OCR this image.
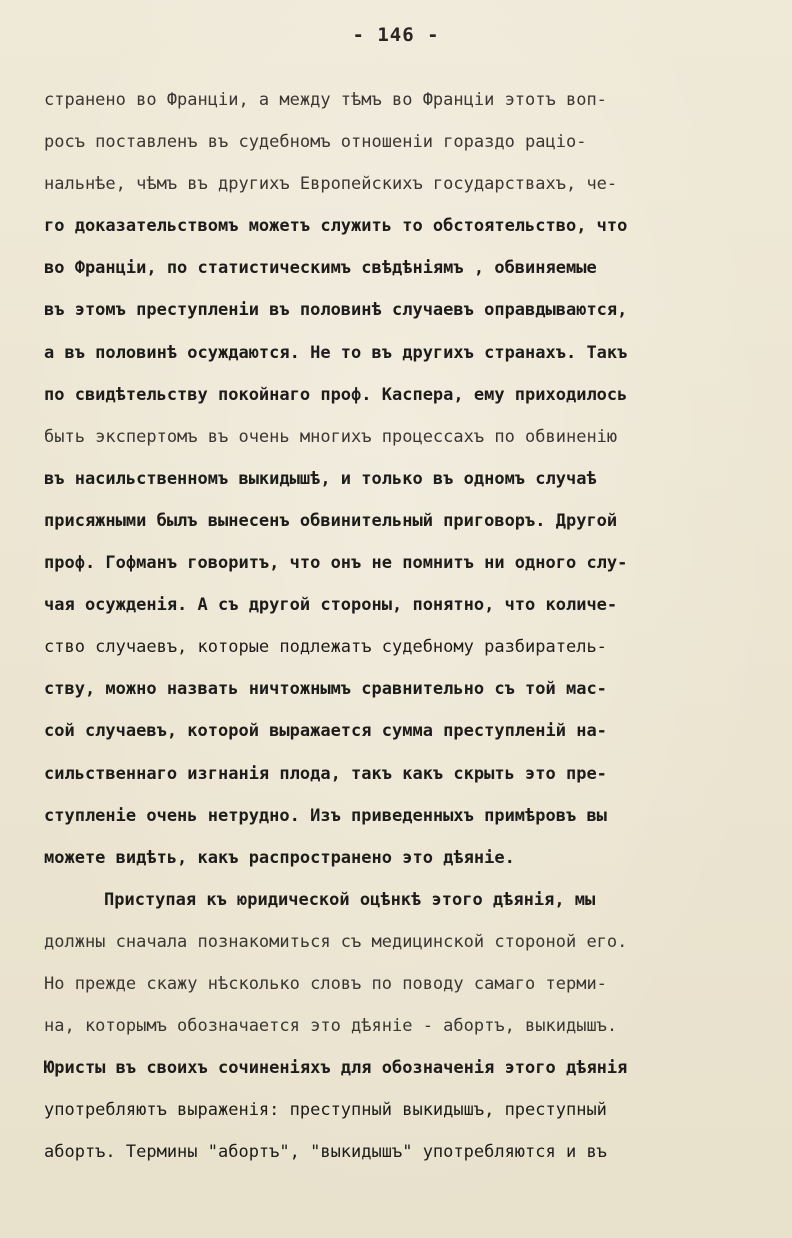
- 146 -
странено во Франціи, а между тѣмъ во Франціи этотъ воп-
росъ поставленъ въ судебномъ отношеніи гораздо раціо-
нальнѣе, чѣмъ въ другихъ Европейскихъ государствахъ, че-
го доказательствомъ можетъ служить то обстоятельство, что
во Франціи, по статистическимъ свѣдѣніямъ , обвиняемые
въ этомъ преступленіи въ половинѣ случаевъ оправдываются,
а въ половинѣ осуждаются. Не то въ другихъ странахъ. Такъ
по свидѣтельству покойнаго проф. Каспера, ему приходилось
быть экспертомъ въ очень многихъ процессахъ по обвиненію
въ насильственномъ выкидышѣ, и только въ одномъ случаѣ
присяжными былъ вынесенъ обвинительный приговоръ. Другой
проф. Гофманъ говоритъ, что онъ не помнитъ ни одного слу-
чая осужденія. А съ другой стороны, понятно, что количе-
ство случаевъ, которые подлежатъ судебному разбиратель-
ству, можно назвать ничтожнымъ сравнительно съ той мас-
сой случаевъ, которой выражается сумма преступленій на-
сильственнаго изгнанія плода, такъ какъ скрыть это пре-
ступленіе очень нетрудно. Изъ приведенныхъ примѣровъ вы
можете видѣть, какъ распространено это дѣяніе.
Приступая къ юридической оцѣнкѣ этого дѣянія, мы
должны сначала познакомиться съ медицинской стороной его.
Но прежде скажу нѣсколько словъ по поводу самаго терми-
на, которымъ обозначается это дѣяніе - абортъ, выкидышъ.
Юристы въ своихъ сочиненіяхъ для обозначенія этого дѣянія
употребляютъ выраженія: преступный выкидышъ, преступный
абортъ. Термины "абортъ", "выкидышъ" употребляются и въ
